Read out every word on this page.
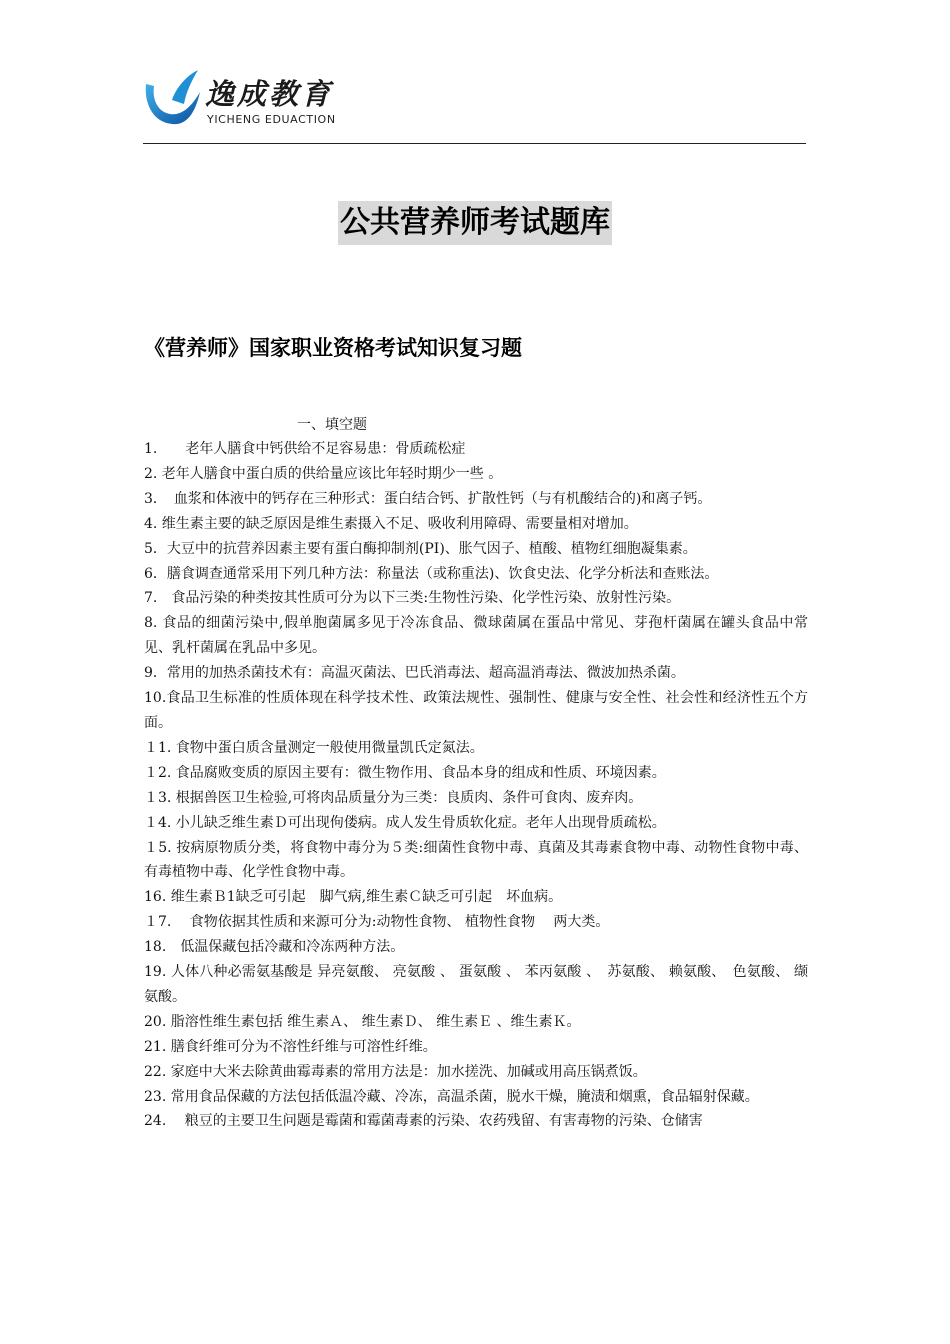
逸成教育
YICHENG EDUACTION
公共营养师考试题库
《营养师》国家职业资格考试知识复习题
一、填空题

1.　　老年人膳食中钙供给不足容易患：骨质疏松症

2. 老年人膳食中蛋白质的供给量应该比年轻时期少一些 。

3．　血浆和体液中的钙存在三种形式：蛋白结合钙、扩散性钙（与有机酸结合的)和离子钙。

4. 维生素主要的缺乏原因是维生素摄入不足、吸收利用障碍、需要量相对增加。

5．大豆中的抗营养因素主要有蛋白酶抑制剂(PI)、胀气因子、植酸、植物红细胞凝集素。

6．膳食调查通常采用下列几种方法：称量法（或称重法)、饮食史法、化学分析法和查账法。

7.　食品污染的种类按其性质可分为以下三类:生物性污染、化学性污染、放射性污染。

8. 食品的细菌污染中,假单胞菌属多见于冷冻食品、微球菌属在蛋品中常见、芽孢杆菌属在罐头食品中常见、乳杆菌属在乳品中多见。

9．常用的加热杀菌技术有：高温灭菌法、巴氏消毒法、超高温消毒法、微波加热杀菌。

10.食品卫生标准的性质体现在科学技术性、政策法规性、强制性、健康与安全性、社会性和经济性五个方面。

１1. 食物中蛋白质含量测定一般使用微量凯氏定氮法。

１2. 食品腐败变质的原因主要有：微生物作用、食品本身的组成和性质、环境因素。

１3. 根据兽医卫生检验,可将肉品质量分为三类：良质肉、条件可食肉、废弃肉。

１4. 小儿缺乏维生素Ｄ可出现佝偻病。成人发生骨质软化症。老年人出现骨质疏松。

１5. 按病原物质分类，将食物中毒分为５类:细菌性食物中毒、真菌及其毒素食物中毒、动物性食物中毒、有毒植物中毒、化学性食物中毒。

16. 维生素Ｂ1缺乏可引起　脚气病,维生素Ｃ缺乏可引起　坏血病。

１7.　 食物依据其性质和来源可分为:动物性食物、 植物性食物　 两大类。

18.　低温保藏包括冷藏和冷冻两种方法。

19. 人体八种必需氨基酸是 异亮氨酸、 亮氨酸 、 蛋氨酸 、 苯丙氨酸 、　苏氨酸、 赖氨酸、　色氨酸、 缬氨酸。

20. 脂溶性维生素包括 维生素Ａ、 维生素Ｄ、 维生素Ｅ 、维生素Ｋ。

21. 膳食纤维可分为不溶性纤维与可溶性纤维。

22. 家庭中大米去除黄曲霉毒素的常用方法是：加水搓洗、加碱或用高压锅煮饭。

23. 常用食品保藏的方法包括低温冷藏、冷冻，高温杀菌，脱水干燥，腌渍和烟熏，食品辐射保藏。

24.　 粮豆的主要卫生问题是霉菌和霉菌毒素的污染、农药残留、有害毒物的污染、仓储害
